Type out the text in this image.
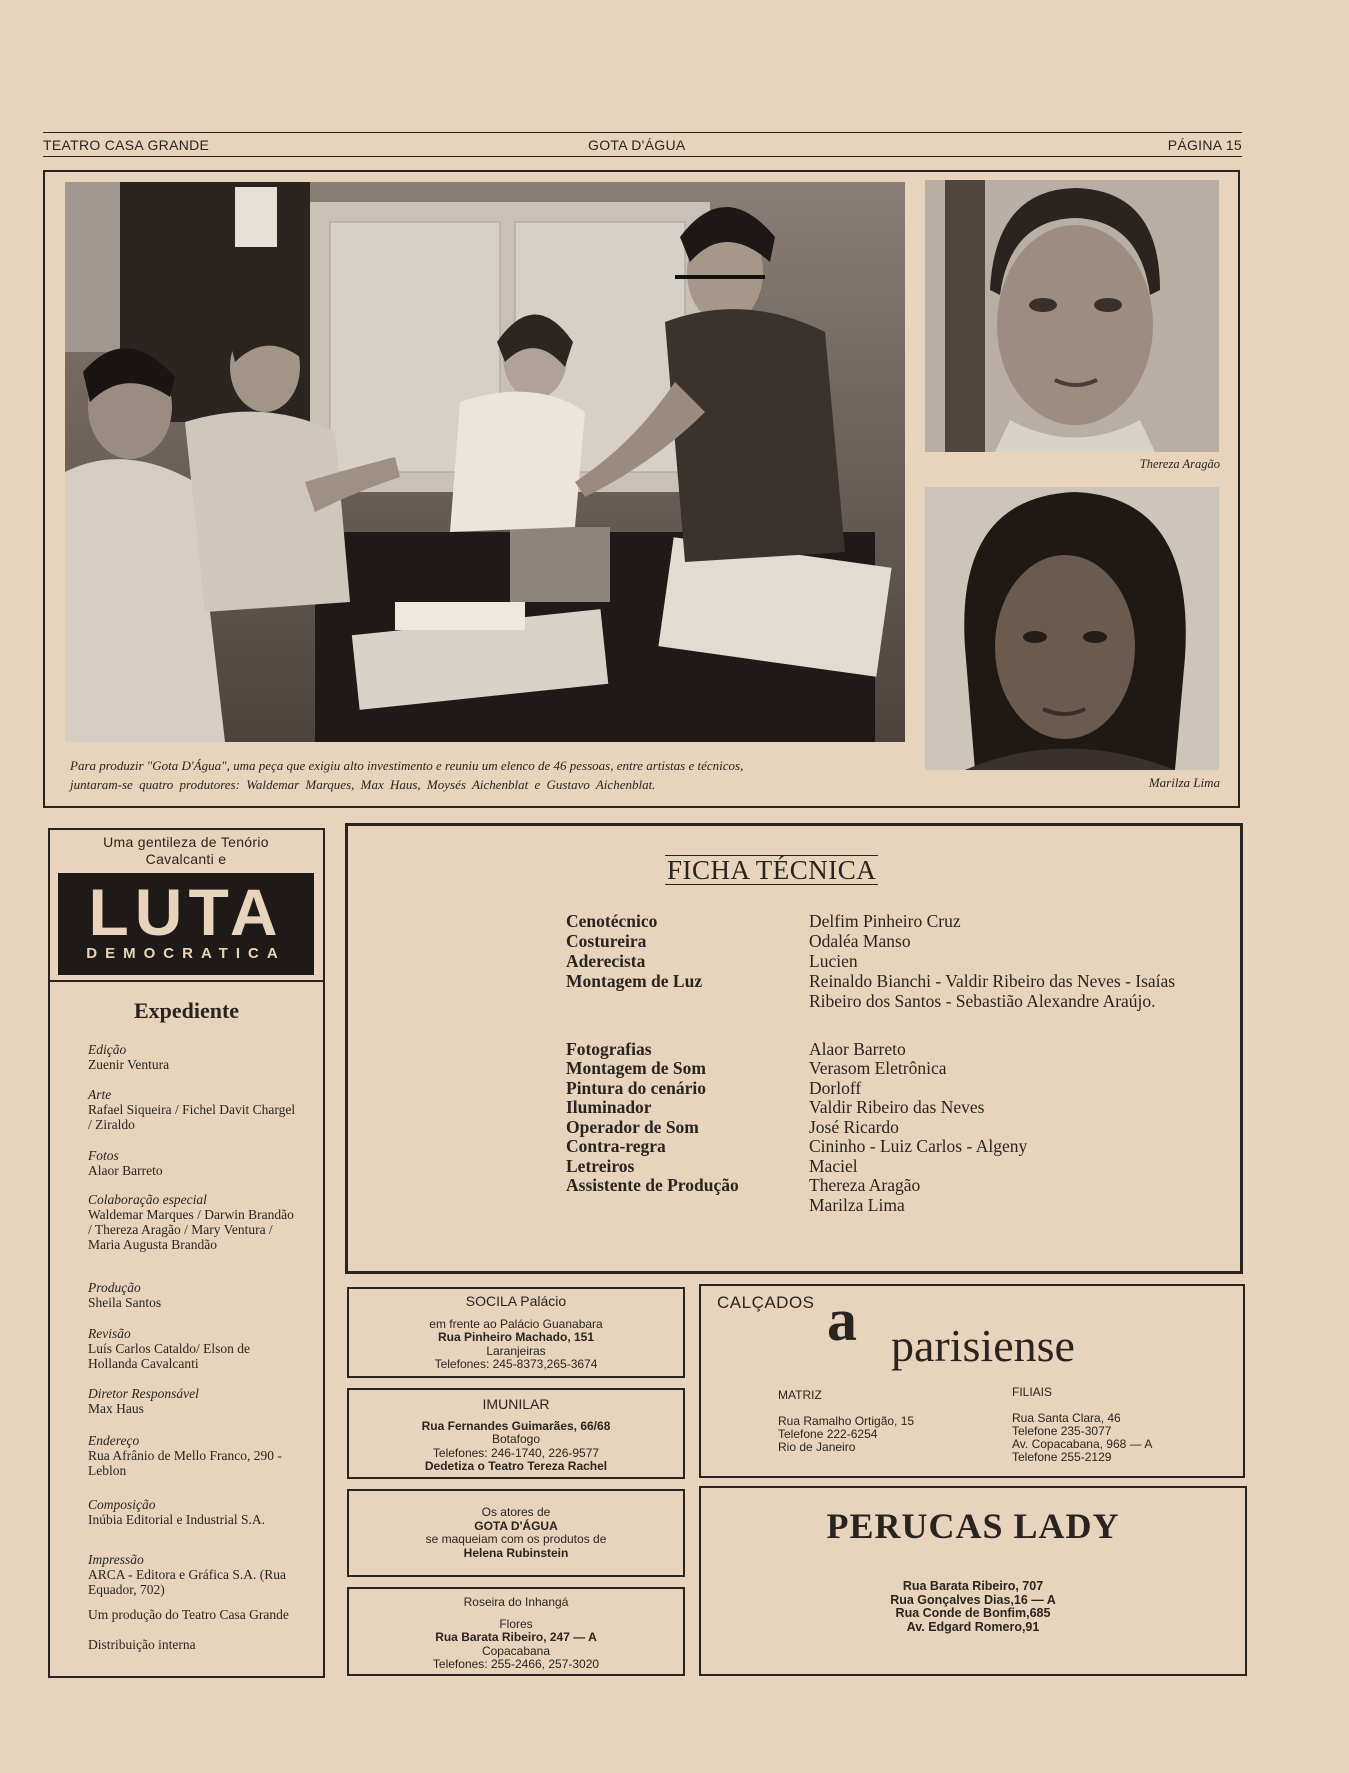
TEATRO CASA GRANDE	GOTA D'ÁGUA	PÁGINA 15
Thereza Aragão
Para produzir "Gota D'Água", uma peça que exigiu alto investimento e reuniu um elenco de 46 pessoas, entre artistas e técnicos,
juntaram-se quatro produtores: Waldemar Marques, Max Haus, Moysés Aichenblat e Gustavo Aichenblat.	Marilza Lima
Uma gentileza de Tenório Cavalcanti e
LUTA
DEMOCRATICA
Expediente
Edição
Zuenir Ventura
Arte
Rafael Siqueira / Fichel Davit Chargel / Ziraldo
Fotos
Alaor Barreto
Colaboração especial
Waldemar Marques / Darwin Brandão / Thereza Aragão / Mary Ventura / Maria Augusta Brandão
Produção
Sheila Santos
Revisão
Luís Carlos Cataldo/ Elson de Hollanda Cavalcanti
Diretor Responsável
Max Haus
Endereço
Rua Afrânio de Mello Franco, 290 - Leblon
Composição
Inúbia Editorial e Industrial S.A.
Impressão
ARCA - Editora e Gráfica S.A. (Rua Equador, 702)
Um produção do Teatro Casa Grande
Distribuição interna
FICHA TÉCNICA
Cenotécnico	Delfim Pinheiro Cruz
Costureira	Odaléa Manso
Aderecista	Lucien
Montagem de Luz	Reinaldo Bianchi - Valdir Ribeiro das Neves - Isaías Ribeiro dos Santos - Sebastião Alexandre Araújo.
Fotografias	Alaor Barreto
Montagem de Som	Verasom Eletrônica
Pintura do cenário	Dorloff
Iluminador	Valdir Ribeiro das Neves
Operador de Som	José Ricardo
Contra-regra	Cininho - Luiz Carlos - Algeny
Letreiros	Maciel
Assistente de Produção	Thereza Aragão
Marilza Lima
SOCILA Palácio
em frente ao Palácio Guanabara
Rua Pinheiro Machado, 151
Laranjeiras
Telefones: 245-8373,265-3674
IMUNILAR
Rua Fernandes Guimarães, 66/68
Botafogo
Telefones: 246-1740, 226-9577
Dedetiza o Teatro Tereza Rachel
Os atores de
GOTA D'ÁGUA
se maqueiam com os produtos de
Helena Rubinstein
Roseira do Inhangá
Flores
Rua Barata Ribeiro, 247 — A
Copacabana
Telefones: 255-2466, 257-3020
CALÇADOS a parisiense
MATRIZ
Rua Ramalho Ortigão, 15
Telefone 222-6254
Rio de Janeiro
FILIAIS
Rua Santa Clara, 46
Telefone 235-3077
Av. Copacabana, 968 — A
Telefone 255-2129
PERUCAS LADY
Rua Barata Ribeiro, 707
Rua Gonçalves Dias,16 — A
Rua Conde de Bonfim,685
Av. Edgard Romero,91
